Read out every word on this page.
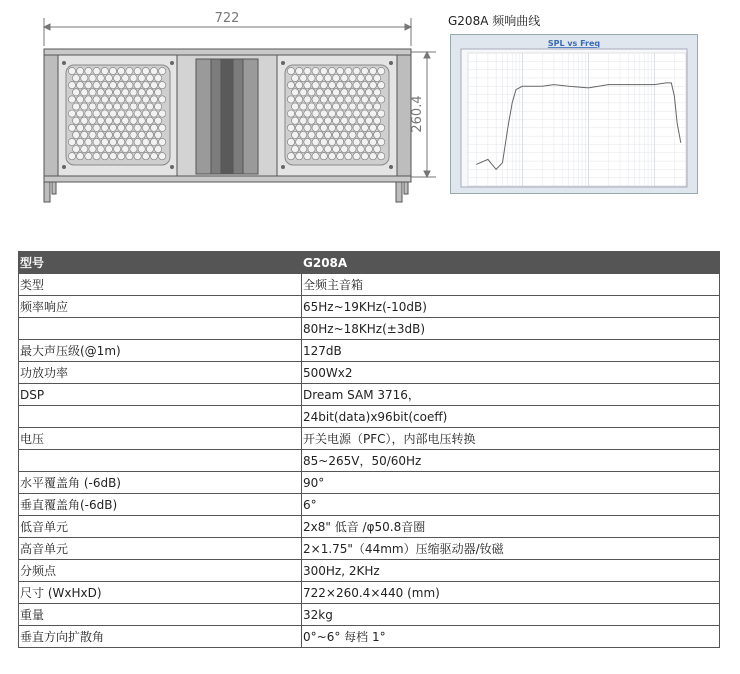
722
260.4
G208A 频响曲线
SPL vs Freq
型号	G208A
类型	全频主音箱
频率响应	65Hz~19KHz(-10dB)
	80Hz~18KHz(±3dB)
最大声压级(@1m)	127dB
功放功率	500Wx2
DSP	Dream SAM 3716，
	24bit(data)x96bit(coeff)
电压	开关电源（PFC），内部电压转换
	85~265V，50/60Hz
水平覆盖角 (-6dB)	90°
垂直覆盖角(-6dB)	6°
低音单元	2x8" 低音 /φ50.8音圈
高音单元	2×1.75"（44mm）压缩驱动器/钕磁
分频点	300Hz, 2KHz
尺寸 (WxHxD)	722×260.4×440 (mm)
重量	32kg
垂直方向扩散角	0°~6° 每档 1°
